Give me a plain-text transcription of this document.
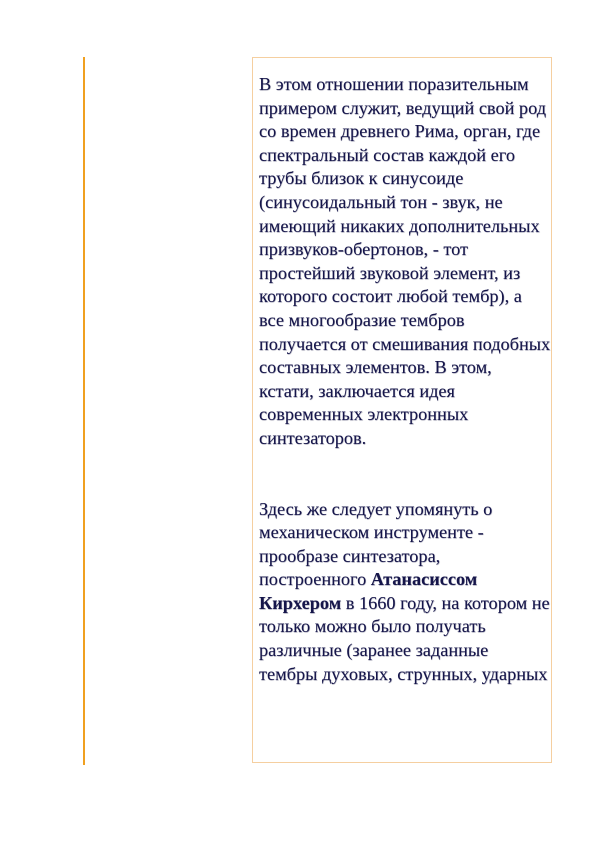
В этом отношении поразительным примером служит, ведущий свой род со времен древнего Рима, орган, где спектральный состав каждой его трубы близок к синусоиде (синусоидальный тон - звук, не имеющий никаких дополнительных призвуков-обертонов, - тот простейший звуковой элемент, из которого состоит любой тембр), а все многообразие тембров получается от смешивания подобных составных элементов. В этом, кстати, заключается идея современных электронных синтезаторов.

Здесь же следует упомянуть о механическом инструменте - прообразе синтезатора, построенного Атанасиссом Кирхером в 1660 году, на котором не только можно было получать различные (заранее заданные тембры духовых, струнных, ударных
